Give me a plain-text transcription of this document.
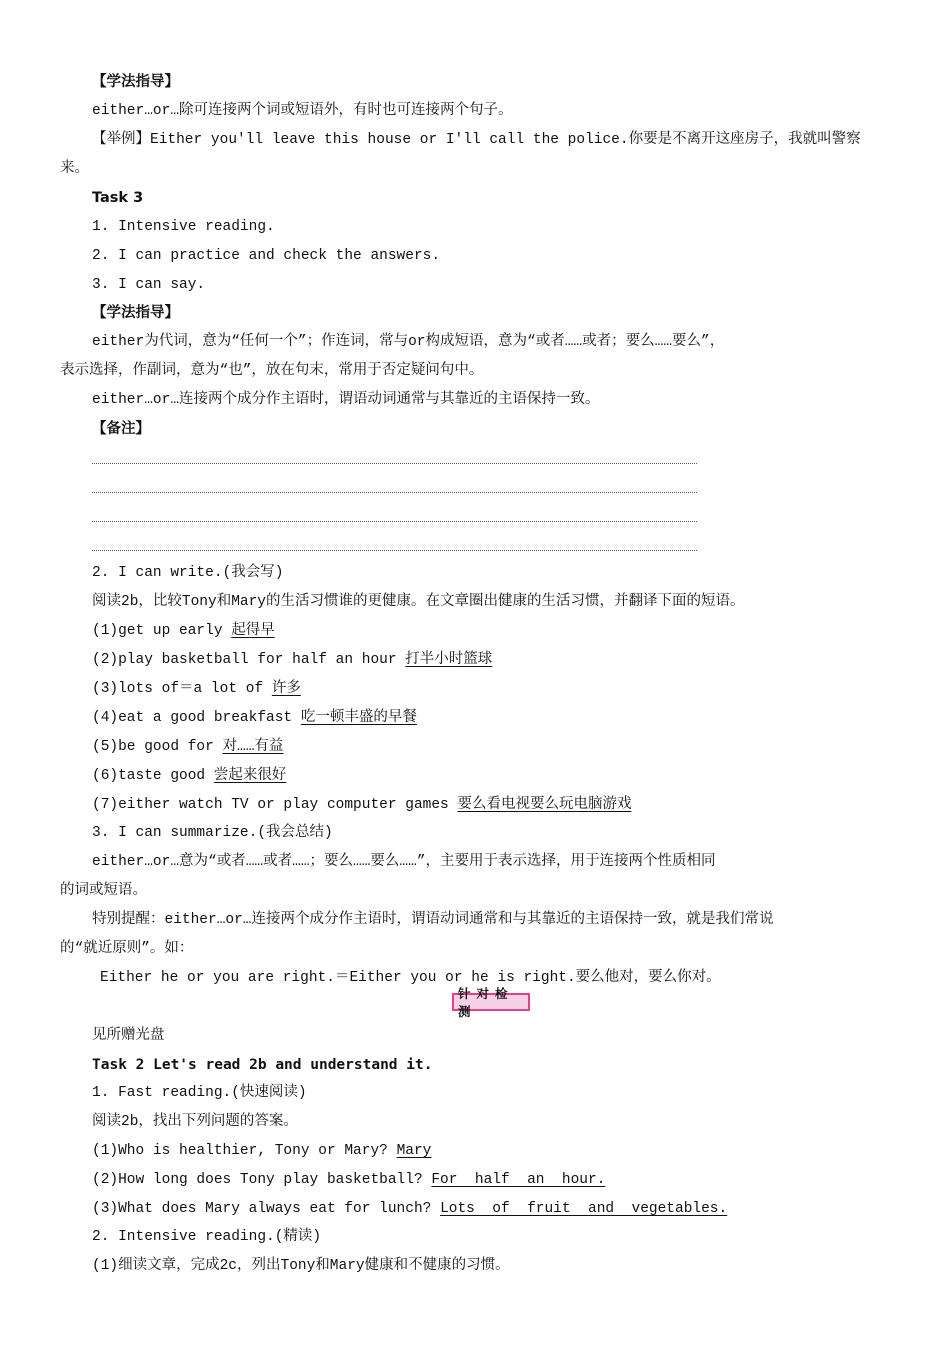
【学法指导】
either…or…除可连接两个词或短语外，有时也可连接两个句子。
【举例】Either you'll leave this house or I'll call the police.你要是不离开这座房子，我就叫警察
来。
Task 3
1. Intensive reading.
2. I can practice and check the answers.
3. I can say.
【学法指导】
either为代词，意为“任何一个”；作连词，常与or构成短语，意为“或者……或者；要么……要么”，
表示选择，作副词，意为“也”，放在句末，常用于否定疑问句中。
either…or…连接两个成分作主语时，谓语动词通常与其靠近的主语保持一致。
【备注】
2. I can write.(我会写)
阅读2b，比较Tony和Mary的生活习惯谁的更健康。在文章圈出健康的生活习惯，并翻译下面的短语。
(1)get up early 起得早
(2)play basketball for half an hour 打半小时篮球
(3)lots of＝a lot of 许多
(4)eat a good breakfast 吃一顿丰盛的早餐
(5)be good for 对……有益
(6)taste good 尝起来很好
(7)either watch TV or play computer games 要么看电视要么玩电脑游戏
3. I can summarize.(我会总结)
either…or…意为“或者……或者……；要么……要么……”，主要用于表示选择，用于连接两个性质相同
的词或短语。
特别提醒：either…or…连接两个成分作主语时，谓语动词通常和与其靠近的主语保持一致，就是我们常说
的“就近原则”。如：
Either he or you are right.＝Either you or he is right.要么他对，要么你对。
针对检测
见所赠光盘
Task 2 Let's read 2b and understand it.
1. Fast reading.(快速阅读)
阅读2b，找出下列问题的答案。
(1)Who is healthier, Tony or Mary? Mary
(2)How long does Tony play basketball? For  half  an  hour.
(3)What does Mary always eat for lunch? Lots  of  fruit  and  vegetables.
2. Intensive reading.(精读)
(1)细读文章，完成2c，列出Tony和Mary健康和不健康的习惯。
